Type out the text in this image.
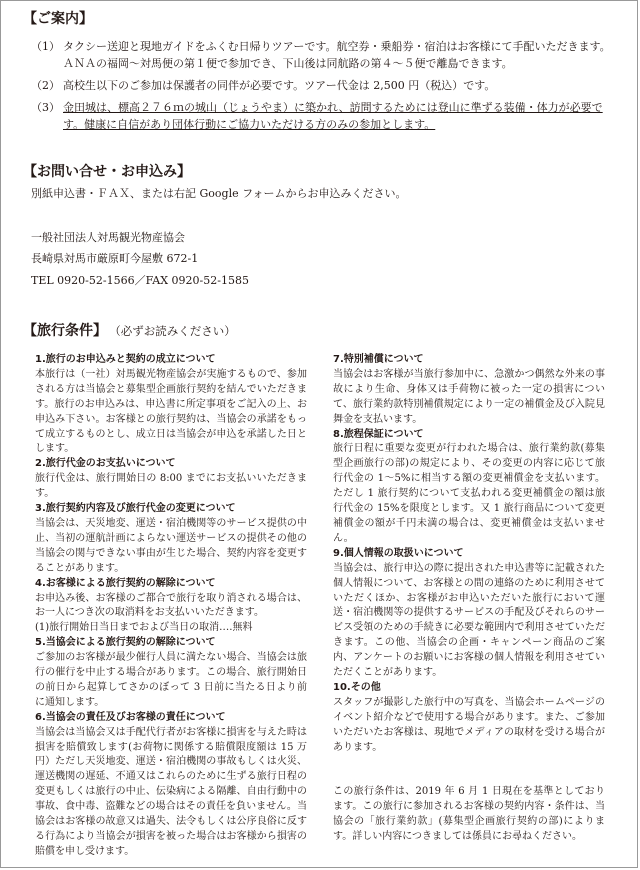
【ご案内】
（1） タクシー送迎と現地ガイドをふくむ日帰りツアーです。航空券・乗船券・宿泊はお客様にて手配いただきます。ＡＮＡの福岡〜対馬便の第１便で参加でき、下山後は同航路の第４〜５便で離島できます。
（2） 高校生以下のご参加は保護者の同伴が必要です。ツアー代金は 2,500 円（税込）です。
（3） 金田城は、標高２７６ｍの城山（じょうやま）に築かれ、訪問するためには登山に準ずる装備・体力が必要です。健康に自信があり団体行動にご協力いただける方のみの参加とします。
【お問い合せ・お申込み】
別紙申込書・ＦＡＸ、または右記 Google フォームからお申込みください。
一般社団法人対馬観光物産協会
長崎県対馬市厳原町今屋敷 672-1
TEL 0920-52-1566／FAX 0920-52-1585
【旅行条件】 （必ずお読みください）
1.旅行のお申込みと契約の成立について

本旅行は（一社）対馬観光物産協会が実施するもので、参加される方は当協会と募集型企画旅行契約を結んでいただきます。旅行のお申込みは、申込書に所定事項をご記入の上、お申込み下さい。お客様との旅行契約は、当協会の承諾をもって成立するものとし、成立日は当協会が申込を承諾した日とします。

2.旅行代金のお支払いについて

旅行代金は、旅行開始日の 8:00 までにお支払いいただきます。

3.旅行契約内容及び旅行代金の変更について

当協会は、天災地変、運送・宿泊機関等のサービス提供の中止、当初の運航計画によらない運送サービスの提供その他の当協会の関与できない事由が生じた場合、契約内容を変更することがあります。

4.お客様による旅行契約の解除について

お申込み後、お客様のご都合で旅行を取り消される場合は、お一人につき次の取消料をお支払いいただきます。

(1)旅行開始日当日までおよび当日の取消‥‥無料

5.当協会による旅行契約の解除について

ご参加のお客様が最少催行人員に満たない場合、当協会は旅行の催行を中止する場合があります。この場合、旅行開始日の前日から起算してさかのぼって 3 日前に当たる日より前に通知します。

6.当協会の責任及びお客様の責任について

当協会は当協会又は手配代行者がお客様に損害を与えた時は損害を賠償致します(お荷物に関係する賠償限度額は 15 万円）ただし天災地変、運送・宿泊機関の事故もしくは火災、運送機関の遅延、不通又はこれらのために生ずる旅行日程の変更もしくは旅行の中止、伝染病による隔離、自由行動中の事故、食中毒、盗難などの場合はその責任を負いません。当協会はお客様の故意又は過失、法令もしくは公序良俗に反する行為により当協会が損害を被った場合はお客様から損害の賠償を申し受けます。

7.特別補償について

当協会はお客様が当旅行参加中に、急激かつ偶然な外来の事故により生命、身体又は手荷物に被った一定の損害について、旅行業約款特別補償規定により一定の補償金及び入院見舞金を支払います。

8.旅程保証について

旅行日程に重要な変更が行われた場合は、旅行業約款(募集型企画旅行の部)の規定により、その変更の内容に応じて旅行代金の 1〜5%に相当する額の変更補償金を支払います。ただし 1 旅行契約について支払われる変更補償金の額は旅行代金の 15%を限度とします。又 1 旅行商品について変更補償金の額が千円未満の場合は、変更補償金は支払いません。

9.個人情報の取扱いについて

当協会は、旅行申込の際に提出された申込書等に記載された個人情報について、お客様との間の連絡のために利用させていただくほか、お客様がお申込いただいた旅行において運送・宿泊機関等の提供するサービスの手配及びそれらのサービス受領のための手続きに必要な範囲内で利用させていただきます。この他、当協会の企画・キャンペーン商品のご案内、アンケートのお願いにお客様の個人情報を利用させていただくことがあります。

10.その他

スタッフが撮影した旅行中の写真を、当協会ホームページのイベント紹介などで使用する場合があります。また、ご参加いただいたお客様は、現地でメディアの取材を受ける場合があります。

この旅行条件は、2019 年 6 月 1 日現在を基準としております。この旅行に参加されるお客様の契約内容・条件は、当協会の「旅行業約款」(募集型企画旅行契約の部)によります。詳しい内容につきましては係員にお尋ねください。
